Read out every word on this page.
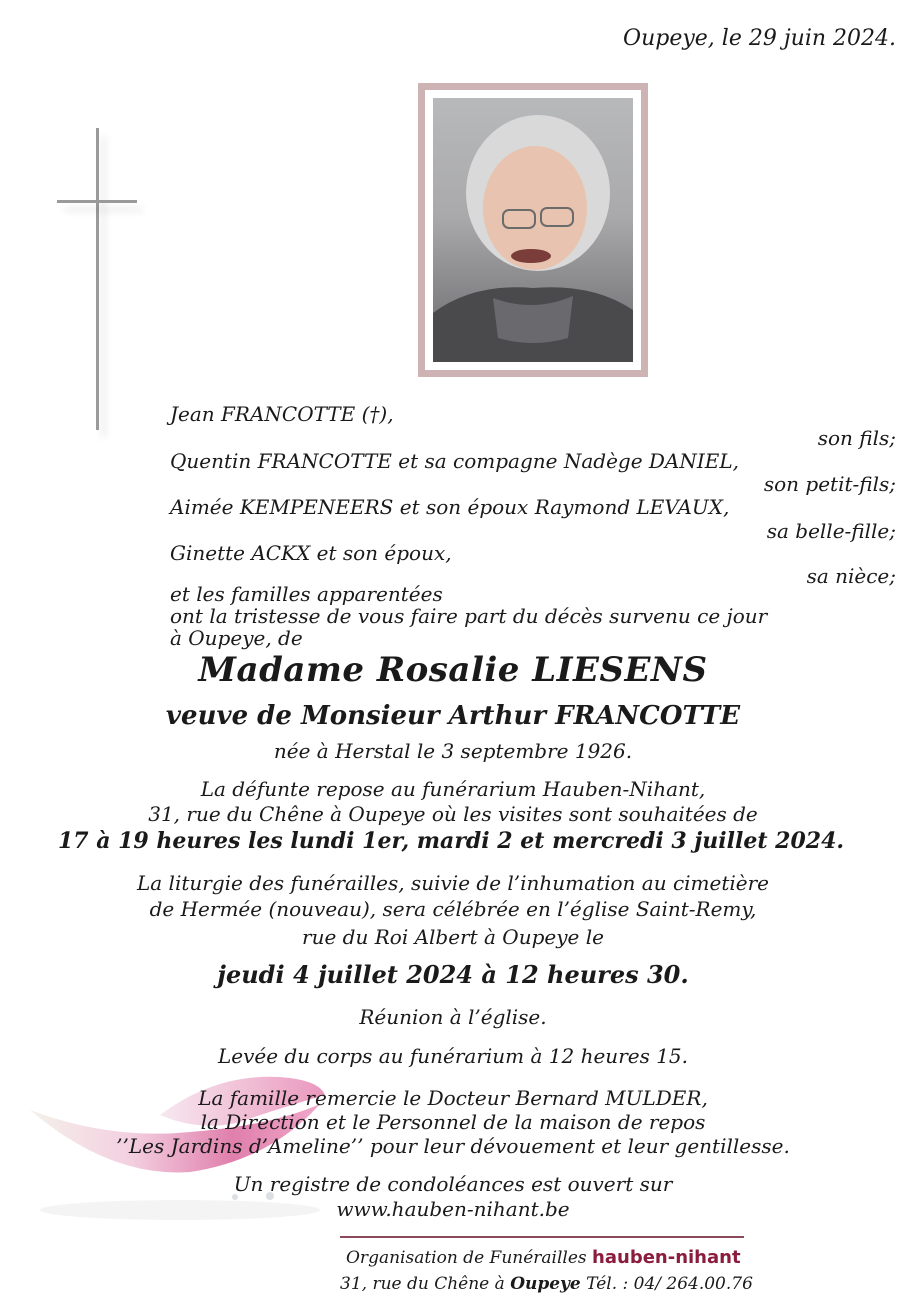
Oupeye, le 29 juin 2024.
Jean FRANCOTTE (†),
son fils;
Quentin FRANCOTTE et sa compagne Nadège DANIEL,
son petit-fils;
Aimée KEMPENEERS et son époux Raymond LEVAUX,
sa belle-fille;
Ginette ACKX et son époux,
sa nièce;
et les familles apparentées
ont la tristesse de vous faire part du décès survenu ce jour
à Oupeye, de
Madame Rosalie LIESENS
veuve de Monsieur Arthur FRANCOTTE
née à Herstal le 3 septembre 1926.
La défunte repose au funérarium Hauben-Nihant,
31, rue du Chêne à Oupeye où les visites sont souhaitées de
17 à 19 heures les lundi 1er, mardi 2 et mercredi 3 juillet 2024.
La liturgie des funérailles, suivie de l’inhumation au cimetière
de Hermée (nouveau), sera célébrée en l’église Saint-Remy,
rue du Roi Albert à Oupeye le
jeudi 4 juillet 2024 à 12 heures 30.
Réunion à l’église.
Levée du corps au funérarium à 12 heures 15.
La famille remercie le Docteur Bernard MULDER,
la Direction et le Personnel de la maison de repos
’’Les Jardins d’Ameline’’ pour leur dévouement et leur gentillesse.
Un registre de condoléances est ouvert sur
www.hauben-nihant.be
Organisation de Funérailles hauben-nihant
31, rue du Chêne à Oupeye Tél. : 04/ 264.00.76
